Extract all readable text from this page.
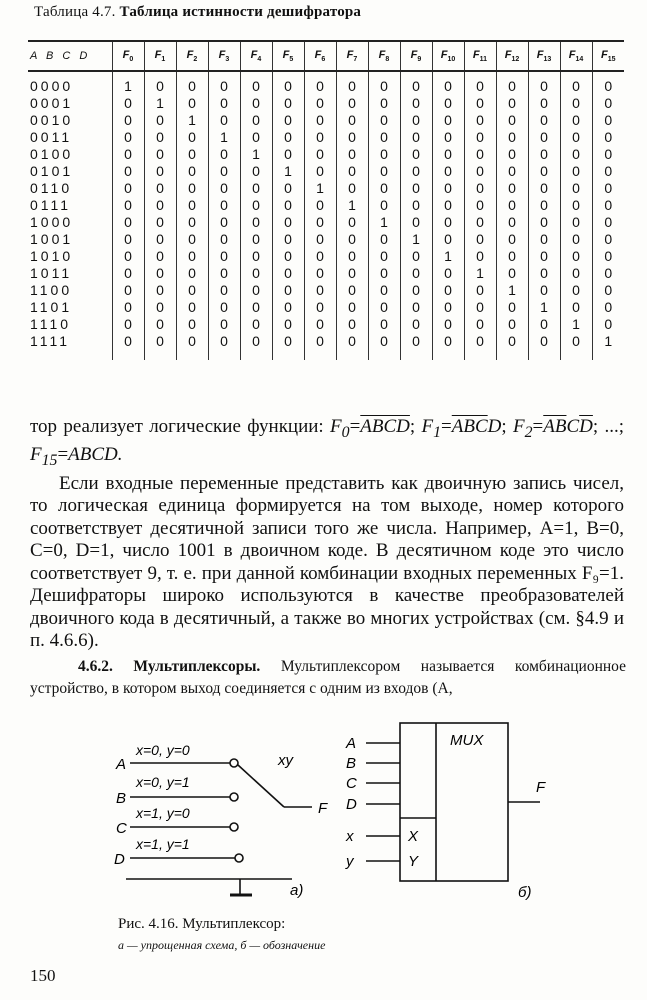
Таблица 4.7. Таблица истинности дешифратора
A B C D	$F_0$	$F_1$	$F_2$	$F_3$	$F_4$	$F_5$	$F_6$	$F_7$	$F_8$	$F_9$	$F_{10}$	$F_{11}$	$F_{12}$	$F_{13}$	$F_{14}$	$F_{15}$
0000	1	0	0	0	0	0	0	0	0	0	0	0	0	0	0	0
0001	0	1	0	0	0	0	0	0	0	0	0	0	0	0	0	0
0010	0	0	1	0	0	0	0	0	0	0	0	0	0	0	0	0
0011	0	0	0	1	0	0	0	0	0	0	0	0	0	0	0	0
0100	0	0	0	0	1	0	0	0	0	0	0	0	0	0	0	0
0101	0	0	0	0	0	1	0	0	0	0	0	0	0	0	0	0
0110	0	0	0	0	0	0	1	0	0	0	0	0	0	0	0	0
0111	0	0	0	0	0	0	0	1	0	0	0	0	0	0	0	0
1000	0	0	0	0	0	0	0	0	1	0	0	0	0	0	0	0
1001	0	0	0	0	0	0	0	0	0	1	0	0	0	0	0	0
1010	0	0	0	0	0	0	0	0	0	0	1	0	0	0	0	0
1011	0	0	0	0	0	0	0	0	0	0	0	1	0	0	0	0
1100	0	0	0	0	0	0	0	0	0	0	0	0	1	0	0	0
1101	0	0	0	0	0	0	0	0	0	0	0	0	0	1	0	0
1110	0	0	0	0	0	0	0	0	0	0	0	0	0	0	1	0
1111	0	0	0	0	0	0	0	0	0	0	0	0	0	0	0	1

тор реализует логические функции: $F_0=ABCD$; $F_1=\overline{ABC}D$; $F_2=\overline{AB}C\overline{D}$; ...; $F_{15}=ABCD$.

Если входные переменные представить как двоичную запись чисел, то логическая единица формируется на том выходе, номер которого соответствует десятичной записи того же числа. Например, A=1, B=0, C=0, D=1, число 1001 в двоичном коде. В десятичном коде это число соответствует 9, т. е. при данной комбинации входных переменных F₉=1. Дешифраторы широко используются в качестве преобразователей двоичного кода в десятичный, а также во многих устройствах (см. §4.9 и п. 4.6.6).

4.6.2. Мультиплексоры. Мультиплексором называется комбинационное устройство, в котором выход соединяется с одним из входов (А,
A
B
C
D
x=0, y=0
x=0, y=1
x=1, y=0
x=1, y=1
xy
F
а)
A
B
C
D
x
y
X
Y
MUX
F
б)
Рис. 4.16. Мультиплексор:
а — упрощенная схема, б — обозначение
150
